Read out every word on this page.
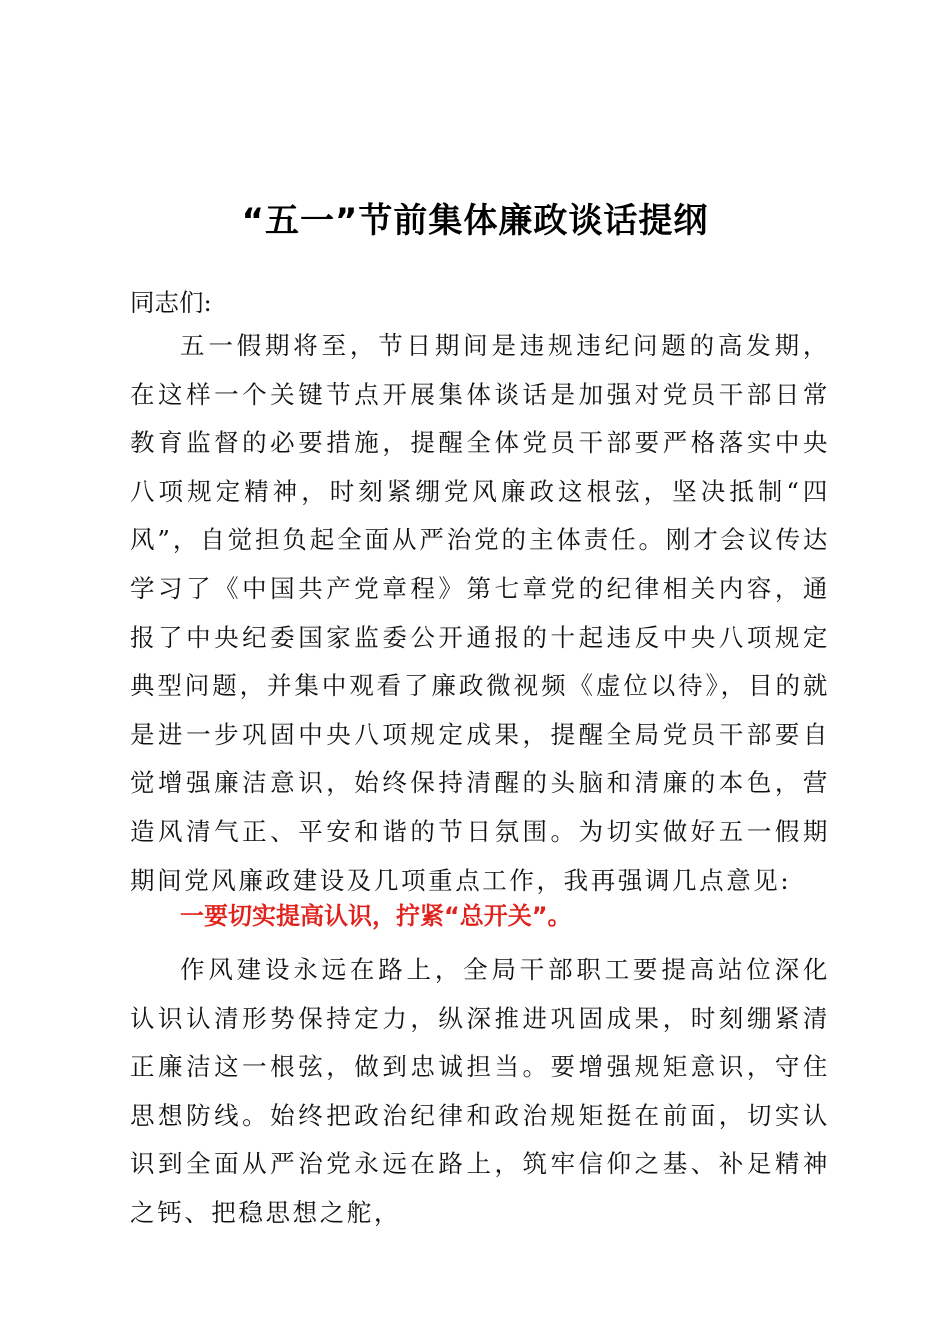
“五一”节前集体廉政谈话提纲
同志们:

五一假期将至，节日期间是违规违纪问题的高发期，在这样一个关键节点开展集体谈话是加强对党员干部日常教育监督的必要措施，提醒全体党员干部要严格落实中央八项规定精神，时刻紧绷党风廉政这根弦，坚决抵制“四风”，自觉担负起全面从严治党的主体责任。刚才会议传达学习了《中国共产党章程》第七章党的纪律相关内容，通报了中央纪委国家监委公开通报的十起违反中央八项规定典型问题，并集中观看了廉政微视频《虚位以待》，目的就是进一步巩固中央八项规定成果，提醒全局党员干部要自觉增强廉洁意识，始终保持清醒的头脑和清廉的本色，营造风清气正、平安和谐的节日氛围。为切实做好五一假期期间党风廉政建设及几项重点工作，我再强调几点意见:

一要切实提高认识，拧紧“总开关”。

作风建设永远在路上，全局干部职工要提高站位深化认识认清形势保持定力，纵深推进巩固成果，时刻绷紧清正廉洁这一根弦，做到忠诚担当。要增强规矩意识，守住思想防线。始终把政治纪律和政治规矩挺在前面，切实认识到全面从严治党永远在路上，筑牢信仰之基、补足精神之钙、把稳思想之舵，
